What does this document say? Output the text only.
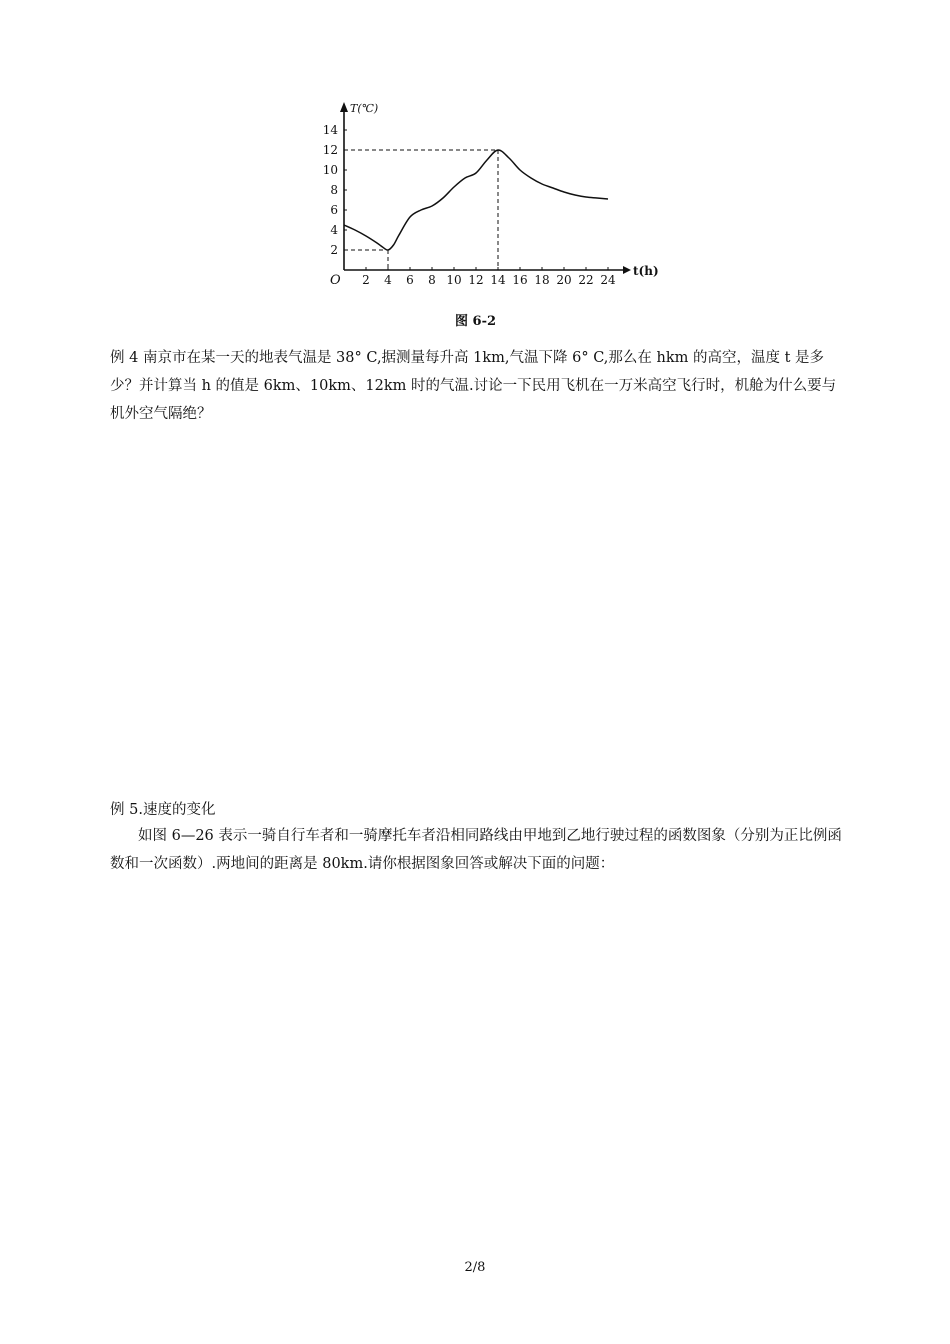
T(℃)
t(h)
O 2 4 6 8 10 12 14 16 18 20 22 24
2
4
6
8
10
12
14
图 6-2
例 4 南京市在某一天的地表气温是 38° C,据测量每升高 1km,气温下降 6° C,那么在 hkm 的高空，温度 t 是多少？并计算当 h 的值是 6km、10km、12km 时的气温.讨论一下民用飞机在一万米高空飞行时，机舱为什么要与机外空气隔绝？
例 5.速度的变化
如图 6—26 表示一骑自行车者和一骑摩托车者沿相同路线由甲地到乙地行驶过程的函数图象（分别为正比例函数和一次函数）.两地间的距离是 80km.请你根据图象回答或解决下面的问题：
2/8
